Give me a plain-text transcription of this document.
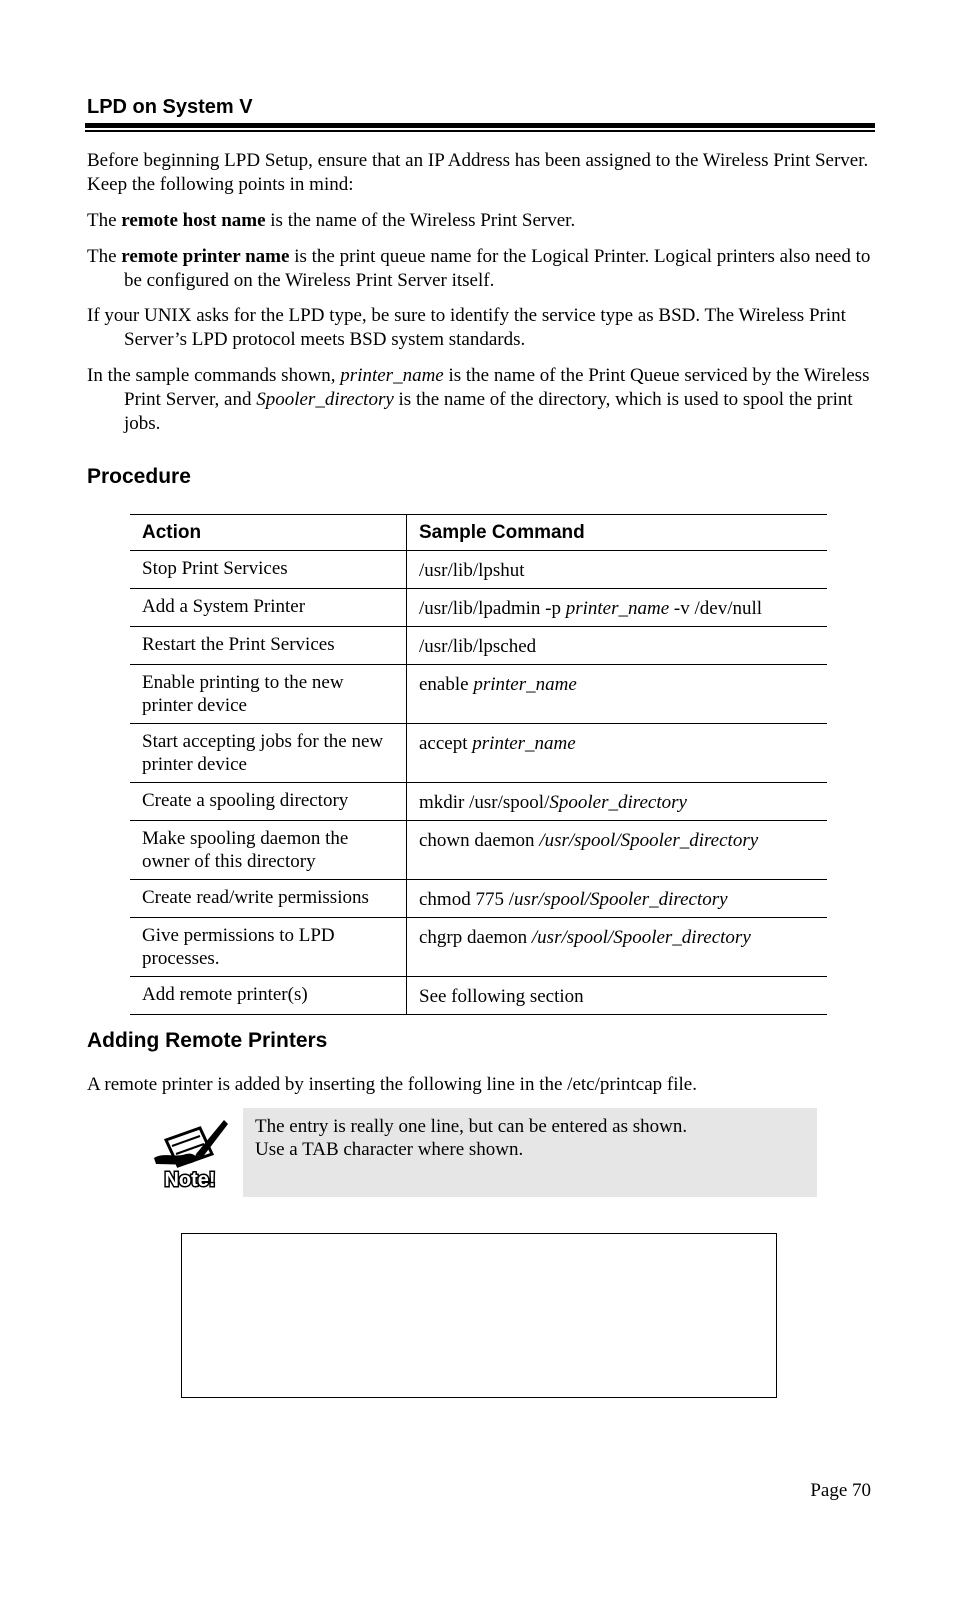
LPD on System V

Before beginning LPD Setup, ensure that an IP Address has been assigned to the Wireless Print Server. Keep the following points in mind:

The remote host name is the name of the Wireless Print Server.

The remote printer name is the print queue name for the Logical Printer. Logical printers also need to be configured on the Wireless Print Server itself.

If your UNIX asks for the LPD type, be sure to identify the service type as BSD. The Wireless Print Server’s LPD protocol meets BSD system standards.

In the sample commands shown, printer_name is the name of the Print Queue serviced by the Wireless Print Server, and Spooler_directory is the name of the directory, which is used to spool the print jobs.

Procedure
Action	Sample Command
Stop Print Services	/usr/lib/lpshut
Add a System Printer	/usr/lib/lpadmin -p printer_name -v /dev/null
Restart the Print Services	/usr/lib/lpsched
Enable printing to the new printer device	enable printer_name
Start accepting jobs for the new printer device	accept printer_name
Create a spooling directory	mkdir /usr/spool/Spooler_directory
Make spooling daemon the owner of this directory	chown daemon /usr/spool/Spooler_directory
Create read/write permissions	chmod 775 /usr/spool/Spooler_directory
Give permissions to LPD processes.	chgrp daemon /usr/spool/Spooler_directory
Add remote printer(s)	See following section
Adding Remote Printers

A remote printer is added by inserting the following line in the /etc/printcap file.

Note!
The entry is really one line, but can be entered as shown.
Use a TAB character where shown.

Page 70
